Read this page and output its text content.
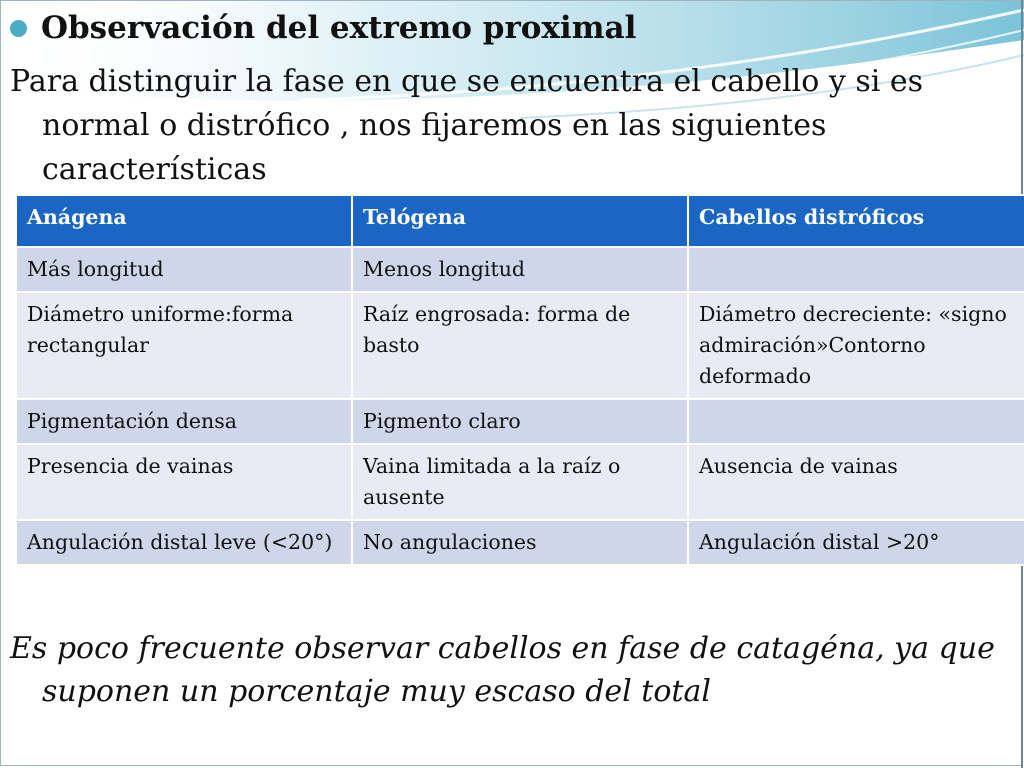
Observación del extremo proximal

Para distinguir la fase en que se encuentra el cabello y si es normal o distrófico , nos fijaremos en las siguientes características

Anágena	Telógena	Cabellos distróficos
Más longitud	Menos longitud	
Diámetro uniforme:forma rectangular	Raíz engrosada: forma de basto	Diámetro decreciente: «signo admiración»Contorno deformado
Pigmentación densa	Pigmento claro	
Presencia de vainas	Vaina limitada a la raíz o ausente	Ausencia de vainas
Angulación distal leve (<20°)	No angulaciones	Angulación distal >20°

Es poco frecuente observar cabellos en fase de catagéna, ya que suponen un porcentaje muy escaso del total
